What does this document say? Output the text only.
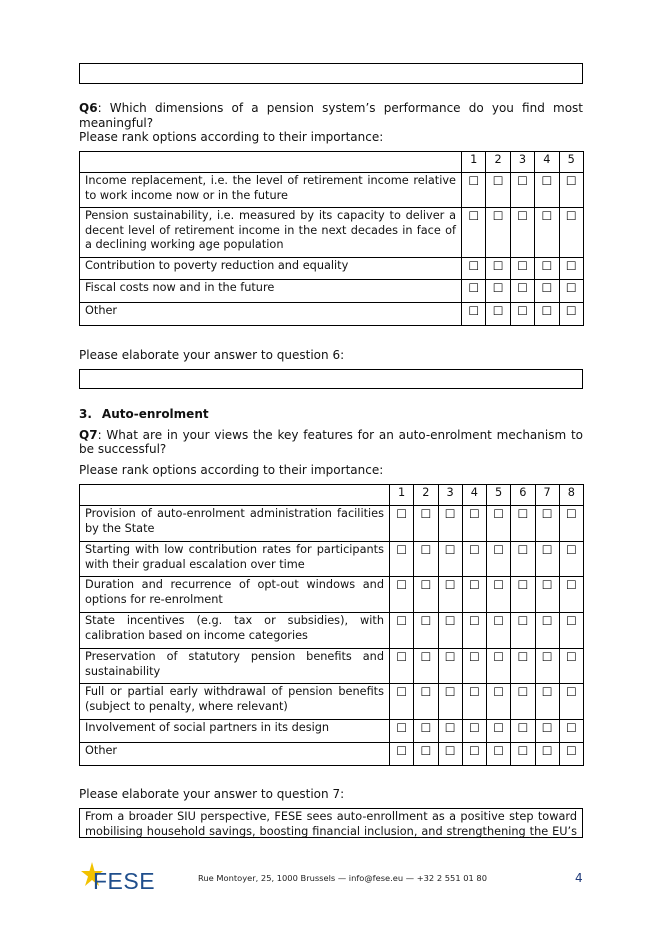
Q6: Which dimensions of a pension system’s performance do you find most meaningful?
Please rank options according to their importance:
	1	2	3	4	5
Income replacement, i.e. the level of retirement income relative to work income now or in the future	☐	☐	☐	☐	☐
Pension sustainability, i.e. measured by its capacity to deliver a decent level of retirement income in the next decades in face of a declining working age population	☐	☐	☐	☐	☐
Contribution to poverty reduction and equality	☐	☐	☐	☐	☐
Fiscal costs now and in the future	☐	☐	☐	☐	☐
Other	☐	☐	☐	☐	☐
Please elaborate your answer to question 6:
3. Auto-enrolment
Q7: What are in your views the key features for an auto-enrolment mechanism to be successful?
Please rank options according to their importance:
	1	2	3	4	5	6	7	8
Provision of auto-enrolment administration facilities by the State	☐	☐	☐	☐	☐	☐	☐	☐
Starting with low contribution rates for participants with their gradual escalation over time	☐	☐	☐	☐	☐	☐	☐	☐
Duration and recurrence of opt-out windows and options for re-enrolment	☐	☐	☐	☐	☐	☐	☐	☐
State incentives (e.g. tax or subsidies), with calibration based on income categories	☐	☐	☐	☐	☐	☐	☐	☐
Preservation of statutory pension benefits and sustainability	☐	☐	☐	☐	☐	☐	☐	☐
Full or partial early withdrawal of pension benefits (subject to penalty, where relevant)	☐	☐	☐	☐	☐	☐	☐	☐
Involvement of social partners in its design	☐	☐	☐	☐	☐	☐	☐	☐
Other	☐	☐	☐	☐	☐	☐	☐	☐
Please elaborate your answer to question 7:
From a broader SIU perspective, FESE sees auto-enrollment as a positive step toward
mobilising household savings, boosting financial inclusion, and strengthening the EU’s
FESE	Rue Montoyer, 25, 1000 Brussels — info@fese.eu — +32 2 551 01 80	4
